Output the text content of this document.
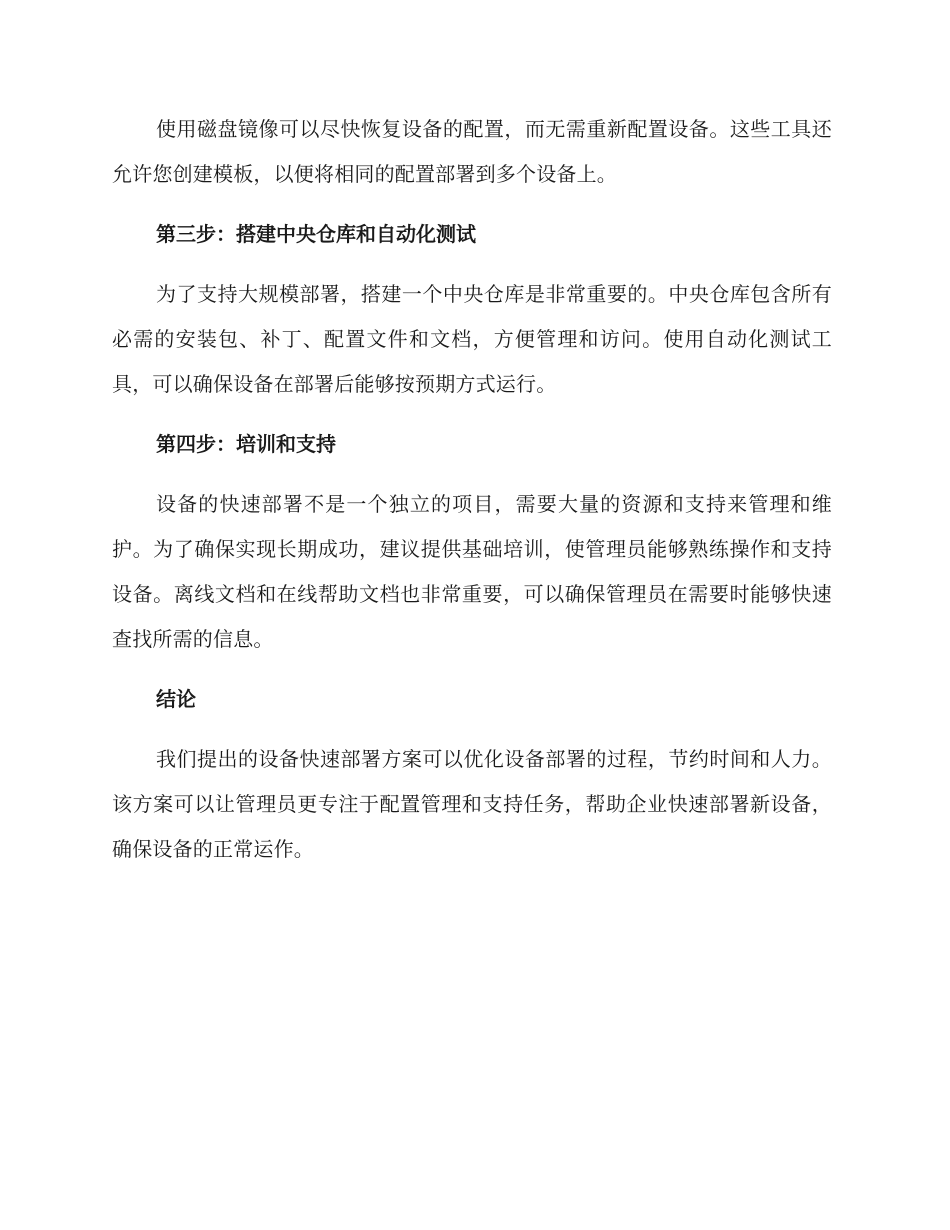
使用磁盘镜像可以尽快恢复设备的配置，而无需重新配置设备。这些工具还允许您创建模板，以便将相同的配置部署到多个设备上。

第三步：搭建中央仓库和自动化测试

为了支持大规模部署，搭建一个中央仓库是非常重要的。中央仓库包含所有必需的安装包、补丁、配置文件和文档，方便管理和访问。使用自动化测试工具，可以确保设备在部署后能够按预期方式运行。

第四步：培训和支持

设备的快速部署不是一个独立的项目，需要大量的资源和支持来管理和维护。为了确保实现长期成功，建议提供基础培训，使管理员能够熟练操作和支持设备。离线文档和在线帮助文档也非常重要，可以确保管理员在需要时能够快速查找所需的信息。

结论

我们提出的设备快速部署方案可以优化设备部署的过程，节约时间和人力。该方案可以让管理员更专注于配置管理和支持任务，帮助企业快速部署新设备，确保设备的正常运作。
